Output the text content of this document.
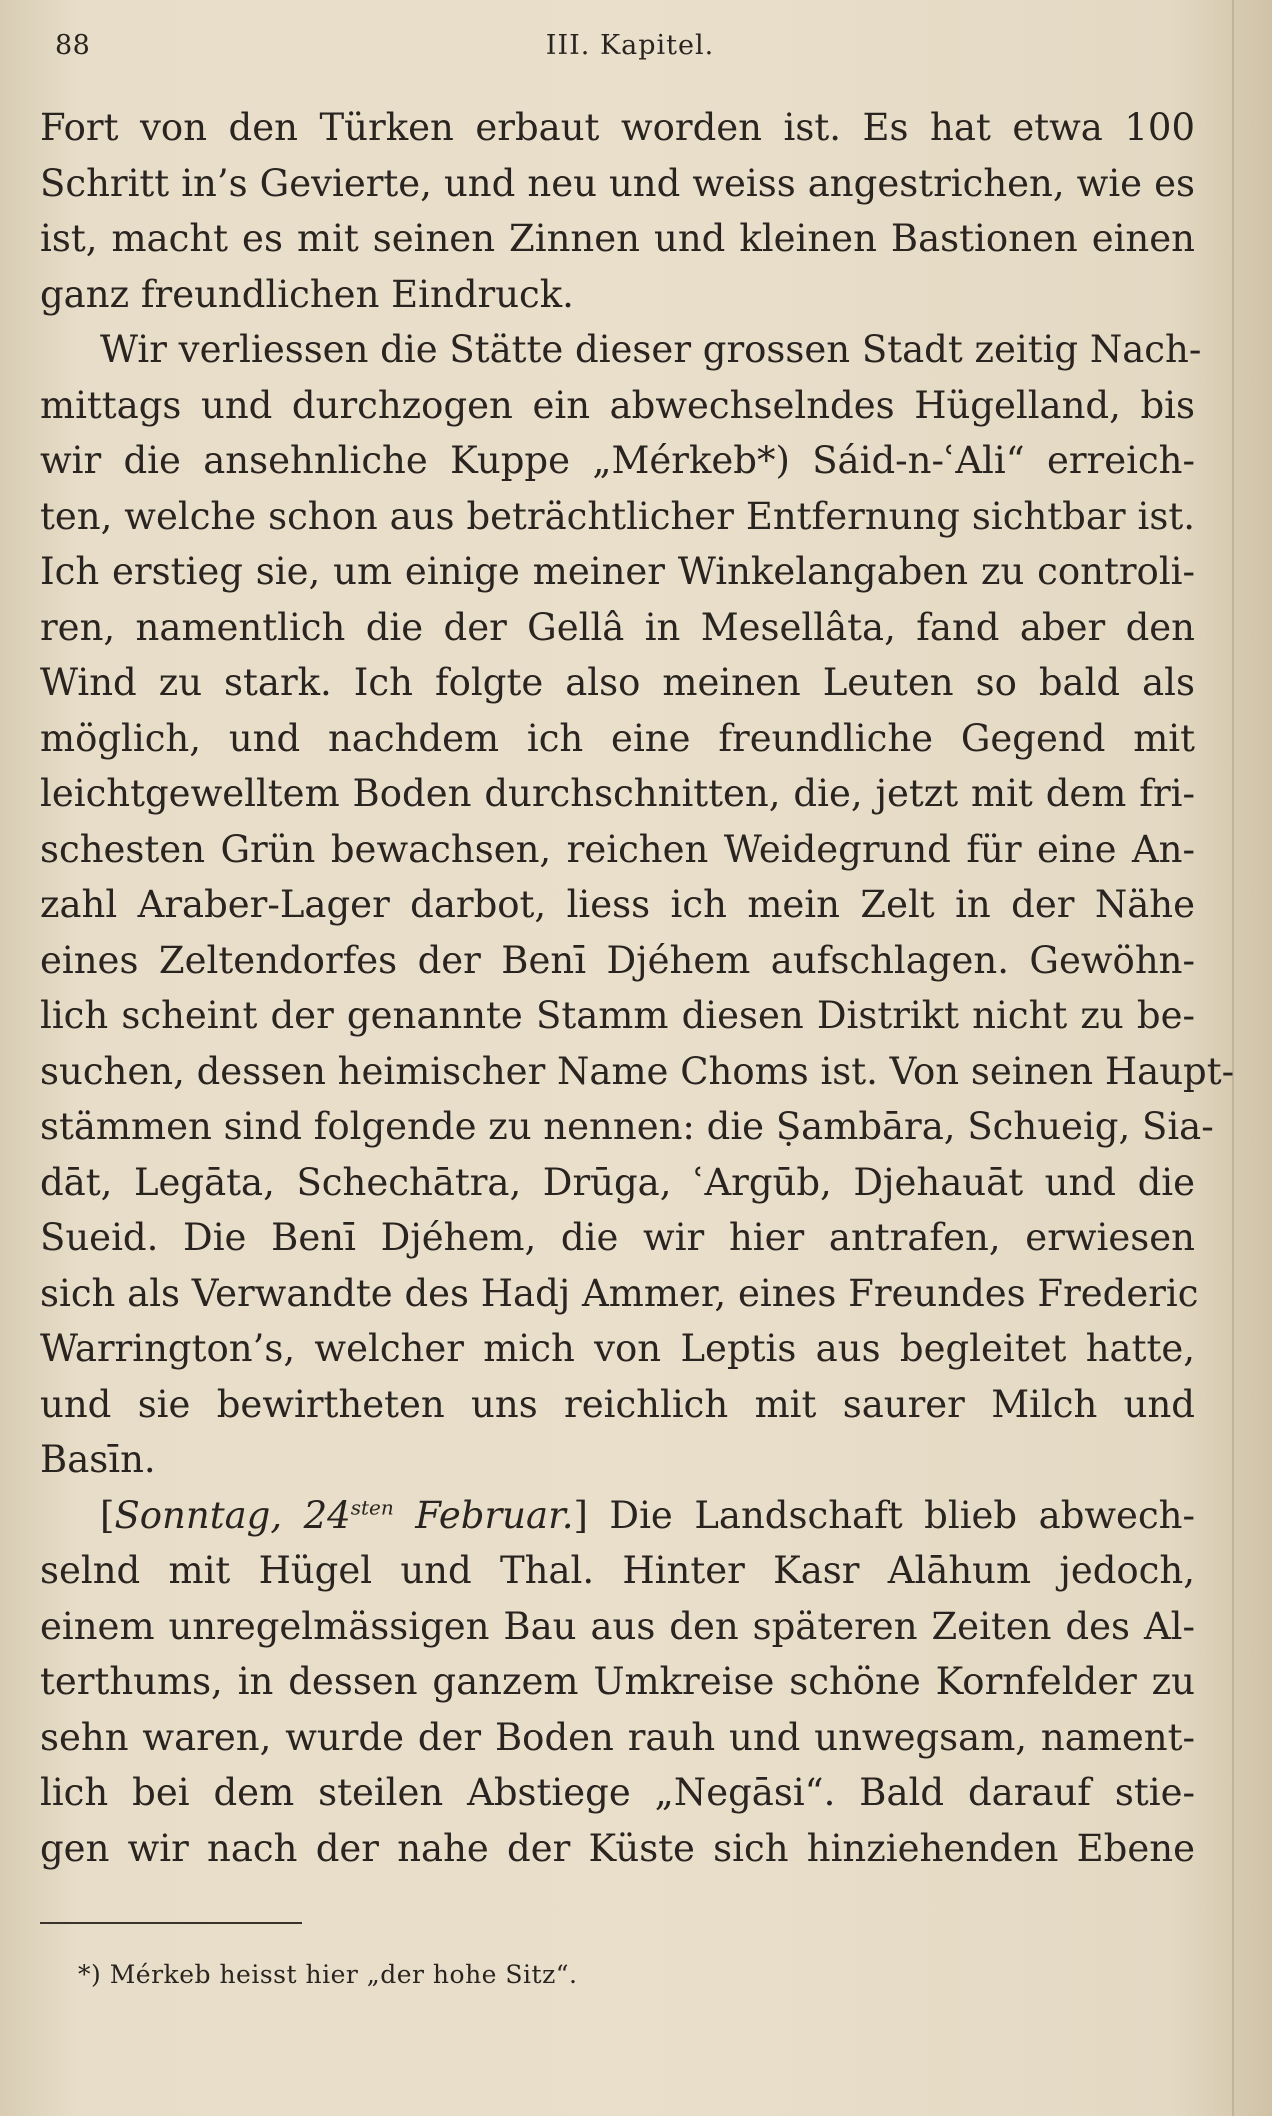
88	III. Kapitel.
Fort von den Türken erbaut worden ist. Es hat etwa 100
Schritt in’s Gevierte, und neu und weiss angestrichen, wie es
ist, macht es mit seinen Zinnen und kleinen Bastionen einen
ganz freundlichen Eindruck.
Wir verliessen die Stätte dieser grossen Stadt zeitig Nach-
mittags und durchzogen ein abwechselndes Hügelland, bis
wir die ansehnliche Kuppe „Mérkeb*) Sáid-n-ʿAli“ erreich-
ten, welche schon aus beträchtlicher Entfernung sichtbar ist.
Ich erstieg sie, um einige meiner Winkelangaben zu controli-
ren, namentlich die der Gellâ in Mesellâta, fand aber den
Wind zu stark. Ich folgte also meinen Leuten so bald als
möglich, und nachdem ich eine freundliche Gegend mit
leichtgewelltem Boden durchschnitten, die, jetzt mit dem fri-
schesten Grün bewachsen, reichen Weidegrund für eine An-
zahl Araber-Lager darbot, liess ich mein Zelt in der Nähe
eines Zeltendorfes der Benī Djéhem aufschlagen. Gewöhn-
lich scheint der genannte Stamm diesen Distrikt nicht zu be-
suchen, dessen heimischer Name Choms ist. Von seinen Haupt-
stämmen sind folgende zu nennen: die Ṣambāra, Schueig, Sia-
dāt, Legāta, Schechātra, Drūga, ʿArgūb, Djehauāt und die
Sueid. Die Benī Djéhem, die wir hier antrafen, erwiesen
sich als Verwandte des Hadj Ammer, eines Freundes Frederic
Warrington’s, welcher mich von Leptis aus begleitet hatte,
und sie bewirtheten uns reichlich mit saurer Milch und
Basīn.
[Sonntag, $24^{sten}$ Februar.] Die Landschaft blieb abwech-
selnd mit Hügel und Thal. Hinter Kasr Alāhum jedoch,
einem unregelmässigen Bau aus den späteren Zeiten des Al-
terthums, in dessen ganzem Umkreise schöne Kornfelder zu
sehn waren, wurde der Boden rauh und unwegsam, nament-
lich bei dem steilen Abstiege „Negāsi“. Bald darauf stie-
gen wir nach der nahe der Küste sich hinziehenden Ebene
*) Mérkeb heisst hier „der hohe Sitz“.
